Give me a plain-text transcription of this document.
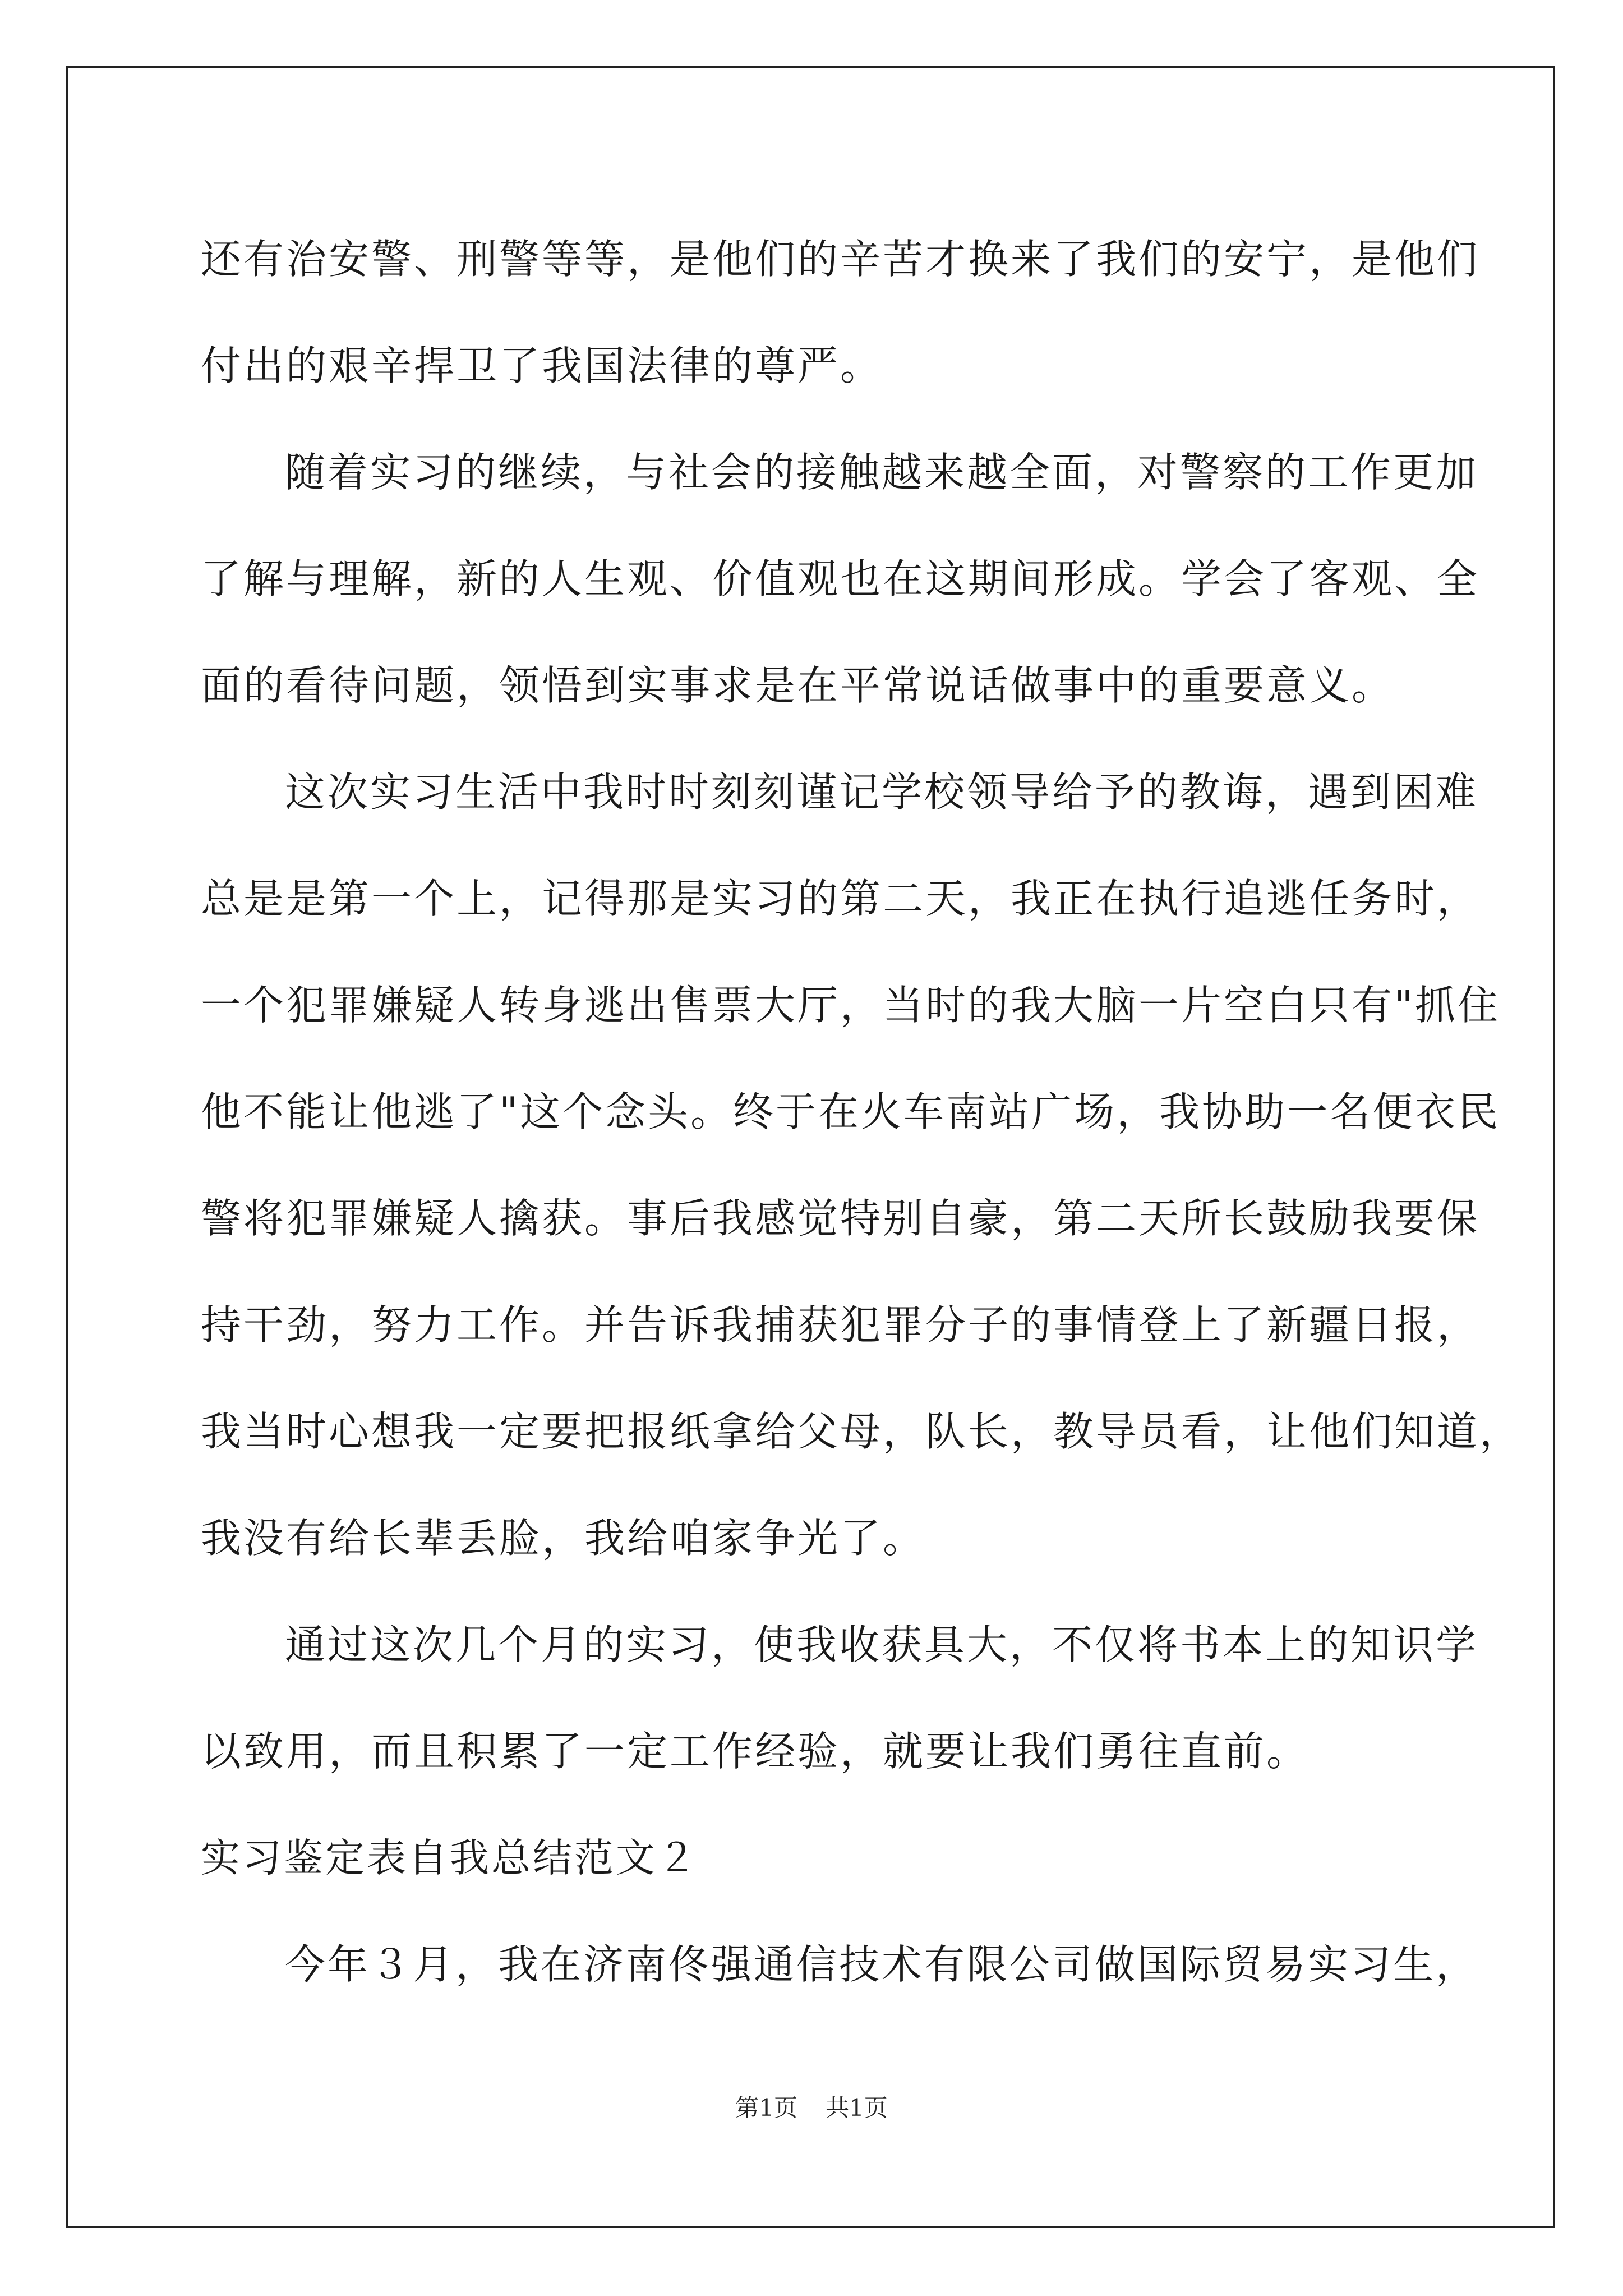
还有治安警、刑警等等，是他们的辛苦才换来了我们的安宁，是他们

付出的艰辛捍卫了我国法律的尊严。

随着实习的继续，与社会的接触越来越全面，对警察的工作更加

了解与理解，新的人生观、价值观也在这期间形成。学会了客观、全

面的看待问题，领悟到实事求是在平常说话做事中的重要意义。

这次实习生活中我时时刻刻谨记学校领导给予的教诲，遇到困难

总是是第一个上，记得那是实习的第二天，我正在执行追逃任务时，

一个犯罪嫌疑人转身逃出售票大厅，当时的我大脑一片空白只有"抓住

他不能让他逃了"这个念头。终于在火车南站广场，我协助一名便衣民

警将犯罪嫌疑人擒获。事后我感觉特别自豪，第二天所长鼓励我要保

持干劲，努力工作。并告诉我捕获犯罪分子的事情登上了新疆日报，

我当时心想我一定要把报纸拿给父母，队长，教导员看，让他们知道，

我没有给长辈丢脸，我给咱家争光了。

通过这次几个月的实习，使我收获具大，不仅将书本上的知识学

以致用，而且积累了一定工作经验，就要让我们勇往直前。

实习鉴定表自我总结范文２

今年３月，我在济南佟强通信技术有限公司做国际贸易实习生，

第1页 共1页
